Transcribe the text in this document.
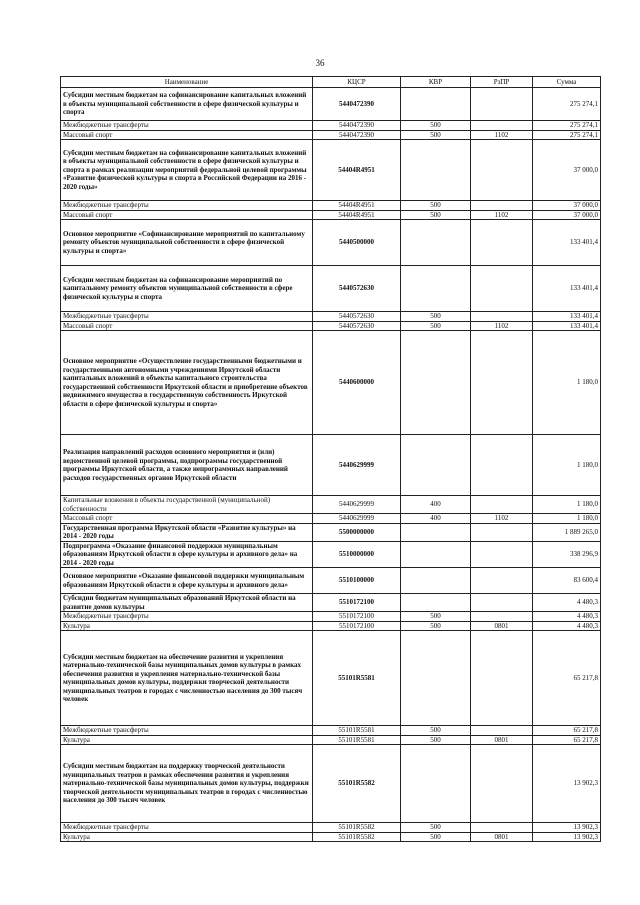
36
Наименование	КЦСР	КВР	РзПР	Сумма
Субсидии местным бюджетам на софинансирование капитальных вложений в объекты муниципальной собственности в сфере физической культуры и спорта	5440472390			275 274,1
Межбюджетные трансферты	5440472390	500		275 274,1
Массовый спорт	5440472390	500	1102	275 274,1
Субсидии местным бюджетам на софинансирование капитальных вложений в объекты муниципальной собственности в сфере физической культуры и спорта в рамках реализации мероприятий федеральной целевой программы «Развитие физической культуры и спорта в Российской Федерации на 2016 - 2020 годы»	54404R4951			37 000,0
Межбюджетные трансферты	54404R4951	500		37 000,0
Массовый спорт	54404R4951	500	1102	37 000,0
Основное мероприятие «Софинансирование мероприятий по капитальному ремонту объектов муниципальной собственности в сфере физической культуры и спорта»	5440500000			133 401,4
Субсидии местным бюджетам на софинансирование мероприятий по капитальному ремонту объектов муниципальной собственности в сфере физической культуры и спорта	5440572630			133 401,4
Межбюджетные трансферты	5440572630	500		133 401,4
Массовый спорт	5440572630	500	1102	133 401,4
Основное мероприятие «Осуществление государственными бюджетными и государственными автономными учреждениями Иркутской области капитальных вложений в объекты капитального строительства государственной собственности Иркутской области и приобретение объектов недвижимого имущества в государственную собственность Иркутской области в сфере физической культуры и спорта»	5440600000			1 180,0
Реализация направлений расходов основного мероприятия и (или) ведомственной целевой программы, подпрограммы государственной программы Иркутской области, а также непрограммных направлений расходов государственных органов Иркутской области	5440629999			1 180,0
Капитальные вложения в объекты государственной (муниципальной) собственности	5440629999	400		1 180,0
Массовый спорт	5440629999	400	1102	1 180,0
Государственная программа Иркутской области «Развитие культуры» на 2014 - 2020 годы	5500000000			1 889 265,0
Подпрограмма «Оказание финансовой поддержки муниципальным образованиям Иркутской области в сфере культуры и архивного дела» на 2014 - 2020 годы	5510000000			338 296,9
Основное мероприятие «Оказание финансовой поддержки муниципальным образованиям Иркутской области в сфере культуры и архивного дела»	5510100000			83 600,4
Субсидии бюджетам муниципальных образований Иркутской области на развитие домов культуры	5510172100			4 480,3
Межбюджетные трансферты	5510172100	500		4 480,3
Культура	5510172100	500	0801	4 480,3
Субсидии местным бюджетам на обеспечение развития и укрепления материально-технической базы муниципальных домов культуры в рамках обеспечения развития и укрепления материально-технической базы муниципальных домов культуры, поддержки творческой деятельности муниципальных театров в городах с численностью населения до 300 тысяч человек	55101R5581			65 217,8
Межбюджетные трансферты	55101R5581	500		65 217,8
Культура	55101R5581	500	0801	65 217,8
Субсидии местным бюджетам на поддержку творческой деятельности муниципальных театров в рамках обеспечения развития и укрепления материально-технической базы муниципальных домов культуры, поддержки творческой деятельности муниципальных театров в городах с численностью населения до 300 тысяч человек	55101R5582			13 902,3
Межбюджетные трансферты	55101R5582	500		13 902,3
Культура	55101R5582	500	0801	13 902,3
